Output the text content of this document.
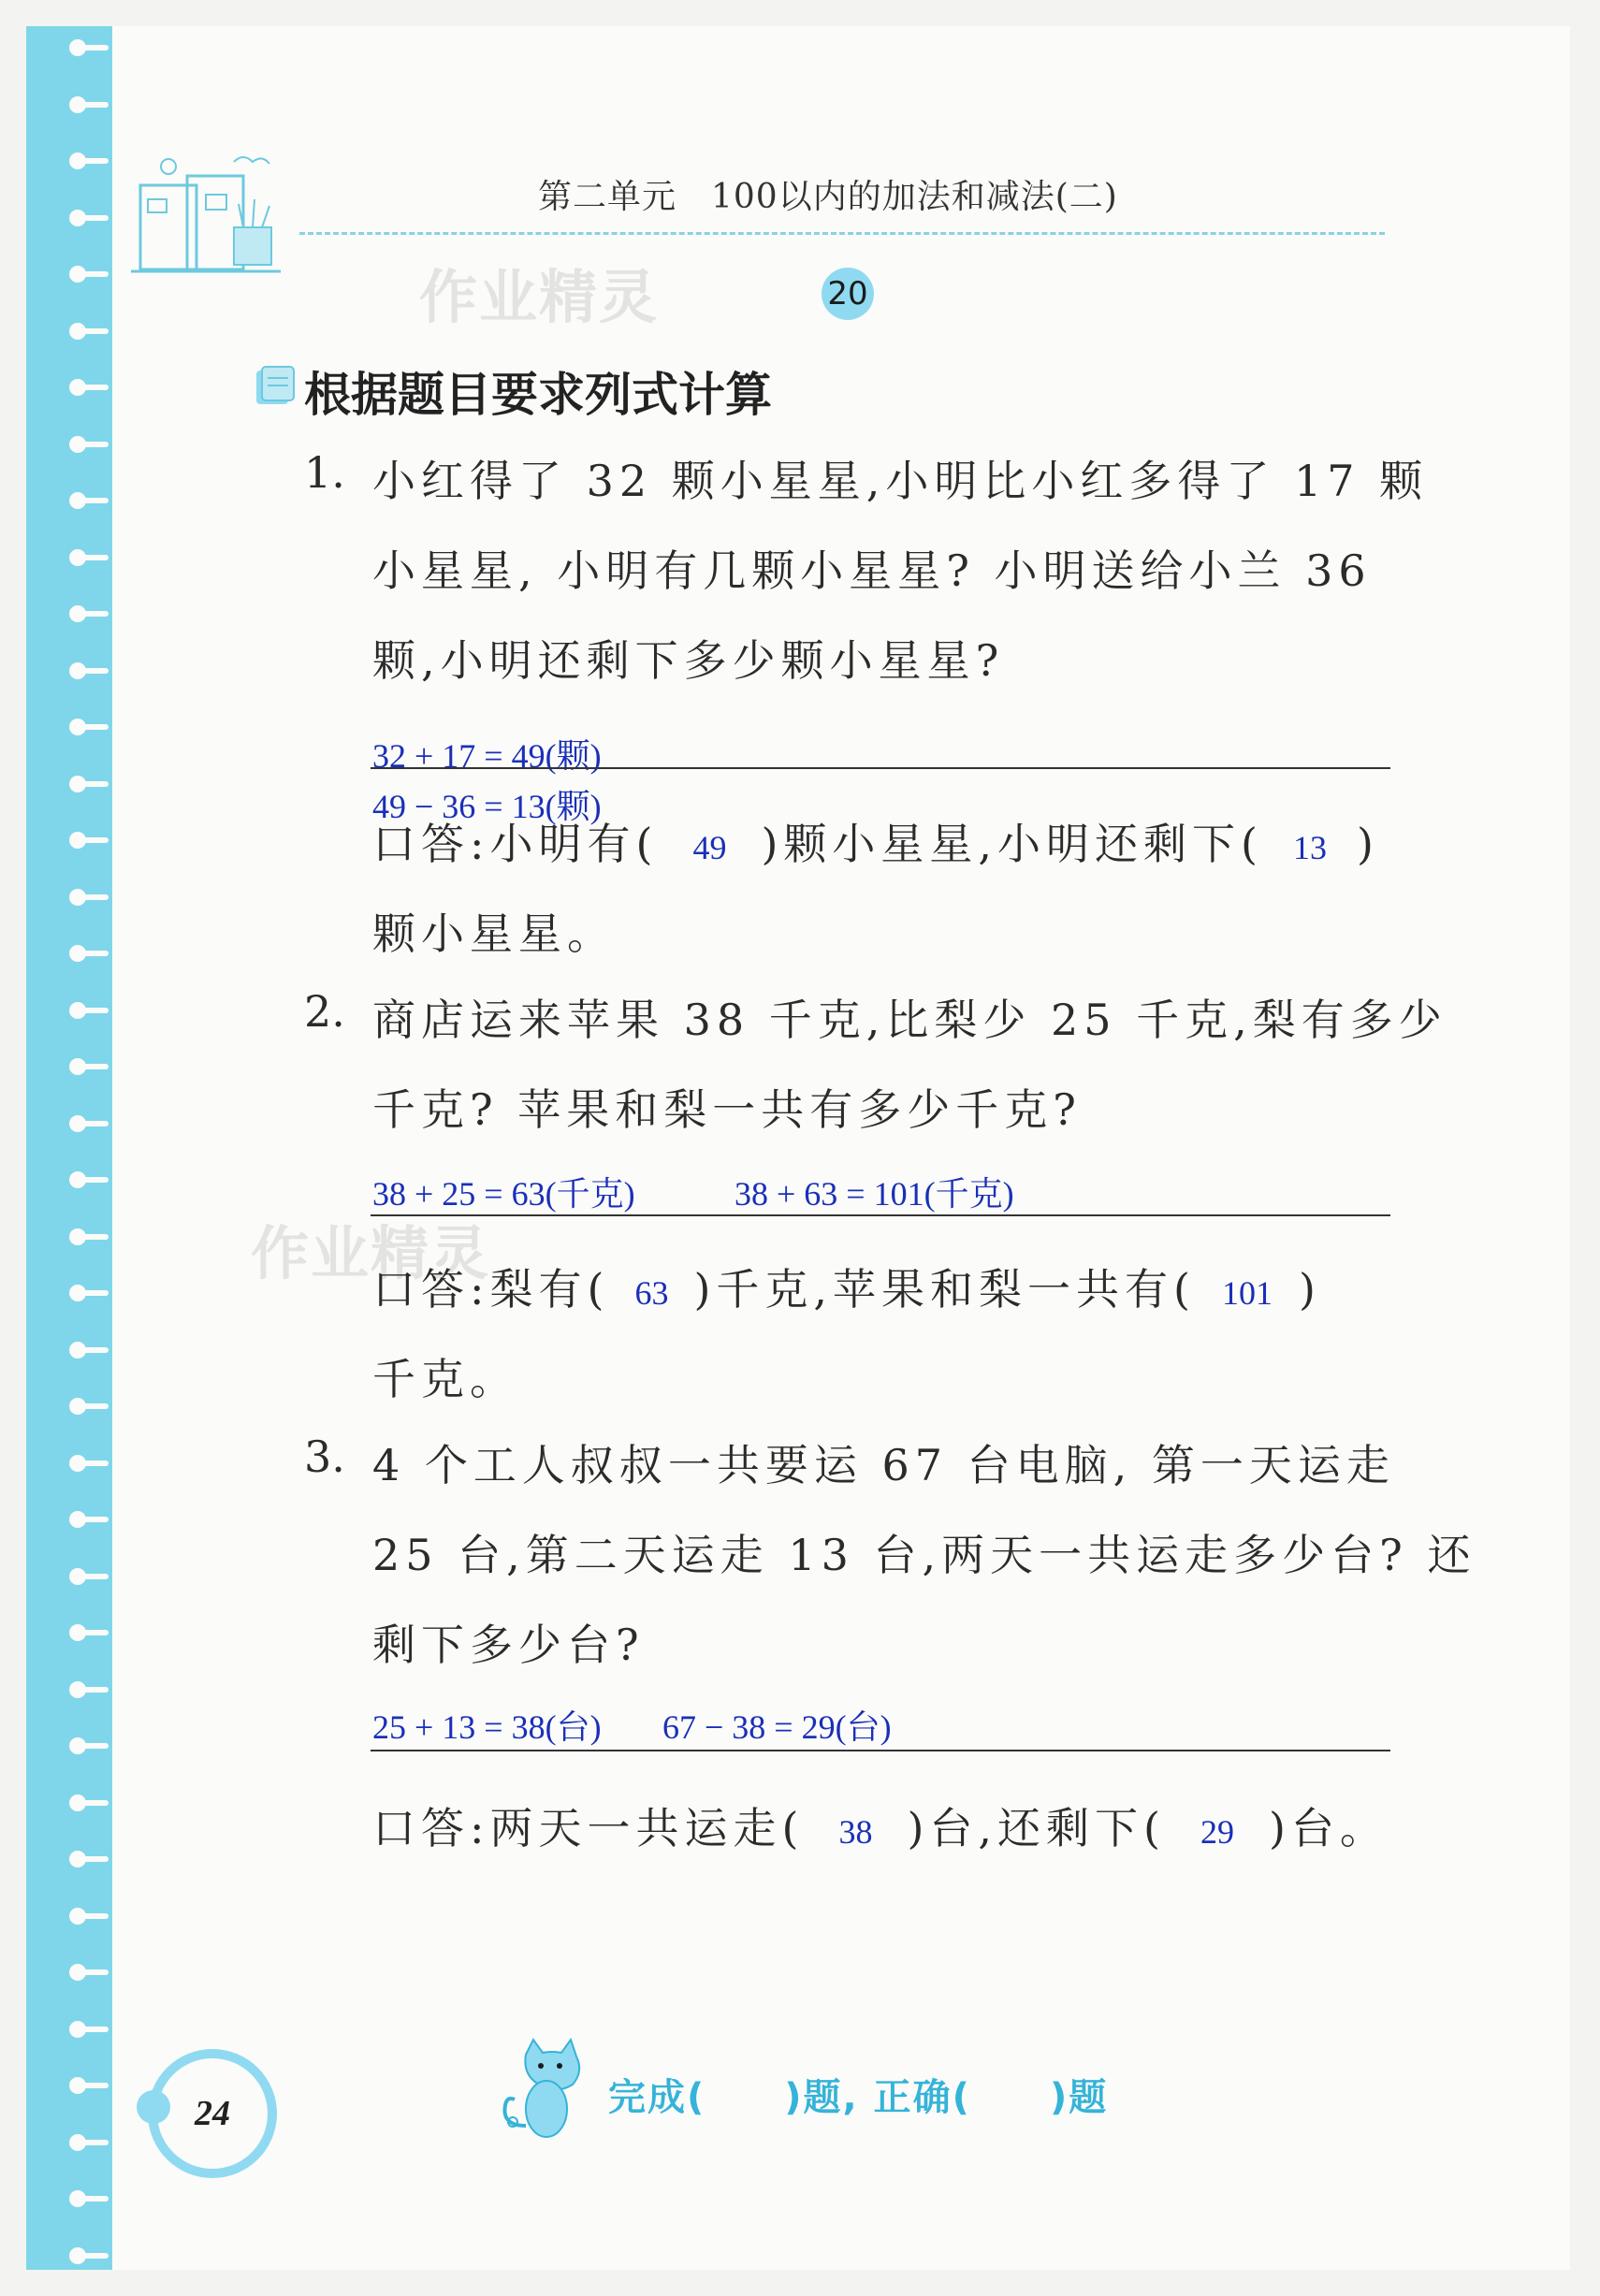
第二单元　100以内的加法和减法(二)
20
作业精灵
根据题目要求列式计算
1. 小红得了 32 颗小星星,小明比小红多得了 17 颗
小星星, 小明有几颗小星星? 小明送给小兰 36
颗,小明还剩下多少颗小星星?
32 + 17 = 49(颗)
49 − 36 = 13(颗)
口答:小明有( 49 )颗小星星,小明还剩下( 13 )
颗小星星。
2. 商店运来苹果 38 千克,比梨少 25 千克,梨有多少
千克? 苹果和梨一共有多少千克?
38 + 25 = 63(千克)	38 + 63 = 101(千克)
作业精灵
口答:梨有( 63 )千克,苹果和梨一共有( 101 )
千克。
3. 4 个工人叔叔一共要运 67 台电脑, 第一天运走
25 台,第二天运走 13 台,两天一共运走多少台? 还
剩下多少台?
25 + 13 = 38(台) 67 − 38 = 29(台)
口答:两天一共运走( 38 )台,还剩下( 29 )台。
24	完成(　　)题, 正确(　　)题
